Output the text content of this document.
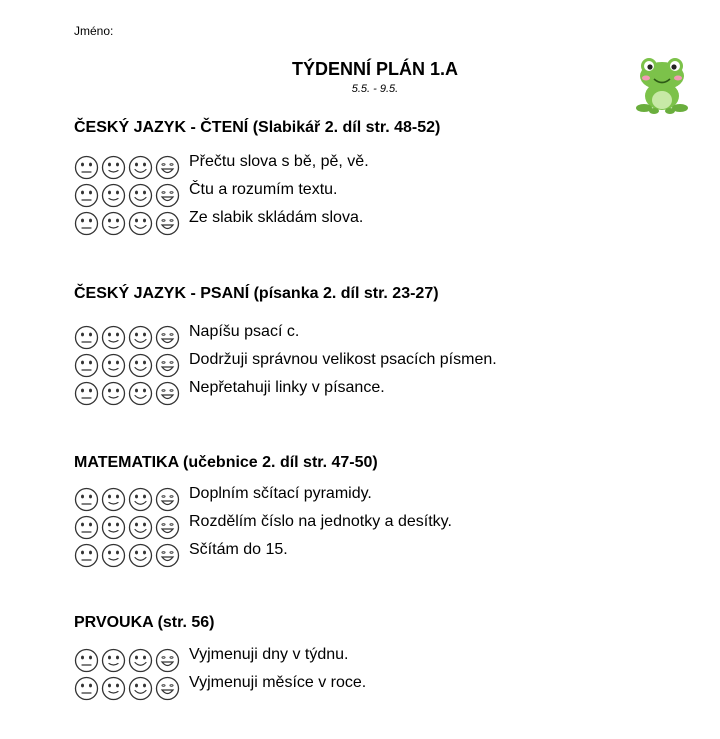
Jméno:
TÝDENNÍ PLÁN 1.A
5.5. - 9.5.
ČESKÝ JAZYK - ČTENÍ (Slabikář 2. díl str. 48-52)
Přečtu slova s bě, pě, vě.
Čtu a rozumím textu.
Ze slabik skládám slova.
ČESKÝ JAZYK - PSANÍ (písanka 2. díl str. 23-27)
Napíšu psací c.
Dodržuji správnou velikost psacích písmen.
Nepřetahuji linky v písance.
MATEMATIKA (učebnice 2. díl str. 47-50)
Doplním sčítací pyramidy.
Rozdělím číslo na jednotky a desítky.
Sčítám do 15.
PRVOUKA (str. 56)
Vyjmenuji dny v týdnu.
Vyjmenuji měsíce v roce.
